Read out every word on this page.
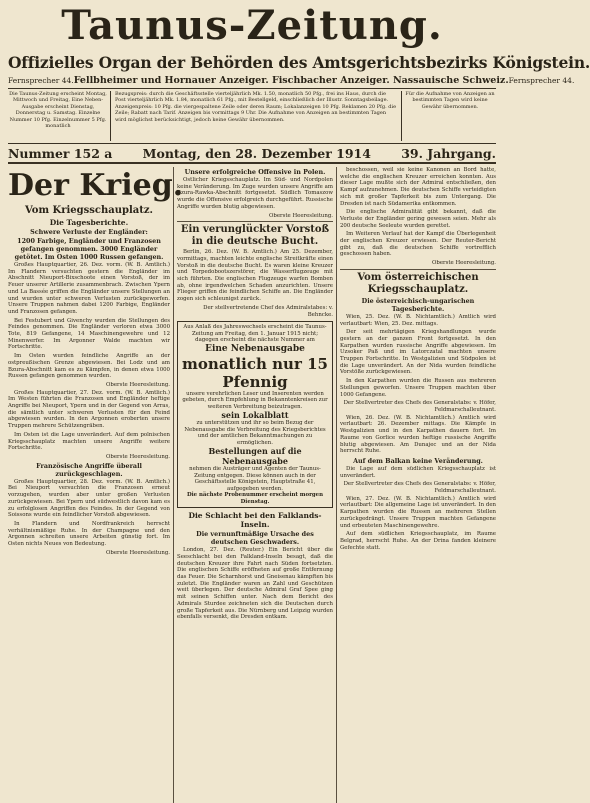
Taunus-Zeitung.
Offizielles Organ der Behörden des Amtsgerichtsbezirks Königstein.
Fernsprecher 44. Fellbheimer und Hornauer Anzeiger. Fischbacher Anzeiger. Nassauische Schweiz. Fernsprecher 44.
Die Taunus-Zeitung erscheint Montag, Mittwoch und Freitag, Eine Neben-Ausgabe erscheint Dienstag, Donnerstag u. Samstag. Einzelne Nummer 10 Pfg. Einzelnummer 5 Pfg. monatlich
Bezugspreis: durch die Geschäftsstelle vierteljährlich Mk. 1.50, monatlich 50 Pfg., frei ins Haus, durch die Post vierteljährlich Mk. 1.84, monatlich 61 Pfg., mit Bestellgeld, einschließlich der Illustr. Sonntagsbeilage. Anzeigenpreis: 10 Pfg. die viergespaltene Zeile oder deren Raum; Lokalanzeigen 10 Pfg. Reklamen 20 Pfg. die Zeile; Rabatt nach Tarif. Anzeigen bis vormittags 9 Uhr. Die Aufnahme von Anzeigen an bestimmten Tagen wird möglichst berücksichtigt, jedoch keine Gewähr übernommen.
Für die Aufnahme von Anzeigen an bestimmten Tagen wird keine Gewähr übernommen.
Nummer 152 a Montag, den 28. Dezember 1914 39. Jahrgang.
Der Krieg.
Vom Kriegsschauplatz.
Die Tagesberichte.
Schwere Verluste der Engländer:
1200 Farbige, Engländer und Franzosen gefangen genommen. 3000 Engländer getötet. Im Osten 1000 Russen gefangen.

Großes Hauptquartier, 26. Dez. vorm. (W. B. Amtlich.) Im Flandern versuchten gestern die Engländer im Abschnitt Nieuport-Bixschoote einen Vorstoß, der im Feuer unserer Artillerie zusammenbrach. Zwischen Ypern und La Bassée griffen die Engländer unsere Stellungen an und wurden unter schweren Verlusten zurückgeworfen. Unsere Truppen nahmen dabei 1200 Farbige, Engländer und Franzosen gefangen.

Bei Festubert und Givenchy wurden die Stellungen des Feindes genommen. Die Engländer verloren etwa 3000 Tote, 819 Gefangene, 14 Maschinengewehre und 12 Minenwerfer. Im Argonner Walde machten wir Fortschritte.

Im Osten wurden feindliche Angriffe an der ostpreußischen Grenze abgewiesen. Bei Lodz und am Bzura-Abschnitt kam es zu Kämpfen, in denen etwa 1000 Russen gefangen genommen wurden.

Oberste Heeresleitung.

Großes Hauptquartier, 27. Dez. vorm. (W. B. Amtlich.) Im Westen führten die Franzosen und Engländer heftige Angriffe bei Nieuport, Ypern und in der Gegend von Arras, die sämtlich unter schweren Verlusten für den Feind abgewiesen wurden. In den Argonnen eroberten unsere Truppen mehrere Schützengräben.

Im Osten ist die Lage unverändert. Auf dem polnischen Kriegsschauplatz machten unsere Angriffe weitere Fortschritte.

Oberste Heeresleitung.
Französische Angriffe überall zurückgeschlagen.

Großes Hauptquartier, 28. Dez. vorm. (W. B. Amtlich.) Bei Nieuport versuchten die Franzosen erneut vorzugehen, wurden aber unter großen Verlusten zurückgewiesen. Bei Ypern und südwestlich davon kam es zu erfolglosen Angriffen des Feindes. In der Gegend von Soissons wurde ein feindlicher Vorstoß abgewiesen.

In Flandern und Nordfrankreich herrscht verhältnismäßige Ruhe. In der Champagne und den Argonnen schreiten unsere Arbeiten günstig fort. Im Osten nichts Neues von Bedeutung.

Oberste Heeresleitung.
Unsere erfolgreiche Offensive in Polen.

Ostlicher Kriegsschauplatz. Im Süd- und Nordpolen keine Veränderung. Im Zuge wurden unsere Angriffe am Bzura-Rawka-Abschnitt fortgesetzt. Südlich Tomaszow wurde die Offensive erfolgreich durchgeführt. Russische Angriffe wurden blutig abgewiesen.

Oberste Heeresleitung.
Ein verunglückter Vorstoß in die deutsche Bucht.

Berlin, 26. Dez. (W. B. Amtlich.) Am 25. Dezember, vormittags, machten leichte englische Streitkräfte einen Vorstoß in die deutsche Bucht. Es waren kleine Kreuzer und Torpedobootszerstörer, die Wasserflugzeuge mit sich führten. Die englischen Flugzeuge warfen Bomben ab, ohne irgendwelchen Schaden anzurichten. Unsere Flieger griffen die feindlichen Schiffe an. Die Engländer zogen sich schleunigst zurück.

Der stellvertretende Chef des Admiralstabes: v. Behncke.
Aus Anlaß des Jahreswechsels erscheint die Taunus-Zeitung am Freitag, den 1. Januar 1915 nicht; dagegen erscheint die nächste Nummer am
Eine Nebenausgabe
monatlich nur 15 Pfennig
unsere verehrlichen Leser und Inserenten werden gebeten, durch Empfehlung in Bekanntenkreisen zur weiteren Verbreitung beizutragen.
sein Lokalblatt
zu unterstützen und ihr so beim Bezug der Nebenausgabe die Verbreitung des Kriegsberichtes und der amtlichen Bekanntmachungen zu ermöglichen.
Bestellungen auf die Nebenausgabe
nehmen die Austräger und Agenten der Taunus-Zeitung entgegen. Diese können auch in der Geschäftsstelle Königstein, Hauptstraße 41, aufgegeben werden.
Die nächste Probenummer erscheint morgen Dienstag.
Die Schlacht bei den Falklands-Inseln.
Die vernunftmäßige Ursache des deutschen Geschwaders.

London, 27. Dez. (Reuter.) Ein Bericht über die Seeschlacht bei den Falkland-Inseln besagt, daß die deutschen Kreuzer ihre Fahrt nach Süden fortsetzten. Die englischen Schiffe eröffneten auf große Entfernung das Feuer. Die Scharnhorst und Gneisenau kämpften bis zuletzt. Die Engländer waren an Zahl und Geschützen weit überlegen. Der deutsche Admiral Graf Spee ging mit seinen Schiffen unter. Nach dem Bericht des Admirals Sturdee zeichneten sich die Deutschen durch große Tapferkeit aus. Die Nürnberg und Leipzig wurden ebenfalls versenkt, die Dresden entkam.

beschossen, weil sie keine Kanonen an Bord hatte, welche die englischen Kreuzer erreichen konnten. Aus dieser Lage mußte sich der Admiral entschließen, den Kampf aufzunehmen. Die deutschen Schiffe verteidigten sich mit großer Tapferkeit bis zum Untergang. Die Dresden ist nach Südamerika entkommen.

Die englische Admiralität gibt bekannt, daß die Verluste der Engländer gering gewesen seien. Mehr als 200 deutsche Seeleute wurden gerettet.

Im Weiteren Verlauf hat der Kampf die Überlegenheit der englischen Kreuzer erwiesen. Der Reuter-Bericht gibt zu, daß die deutschen Schiffe vortrefflich geschossen haben.

Oberste Heeresleitung.
Vom österreichischen Kriegsschauplatz.
Die österreichisch-ungarischen Tagesberichte.

Wien, 25. Dez. (W. B. Nichtamtlich.) Amtlich wird verlautbart: Wien, 25. Dez. mittags.

Der seit mehrtägigen Kriegshandlungen wurde gestern an der ganzen Front fortgesetzt. In den Karpathen wurden russische Angriffe abgewiesen. Im Uzsoker Paß und im Latorczatal machten unsere Truppen Fortschritte. In Westgalizien und Südpolen ist die Lage unverändert. An der Nida wurden feindliche Vorstöße zurückgewiesen.

In den Karpathen wurden die Russen aus mehreren Stellungen geworfen. Unsere Truppen machten über 1000 Gefangene.

Der Stellvertreter des Chefs des Generalstabs: v. Höfer, Feldmarschalleutnant.

Wien, 26. Dez. (W. B. Nichtamtlich.) Amtlich wird verlautbart: 26. Dezember mittags. Die Kämpfe in Westgalizien und in den Karpathen dauern fort. Im Raume von Gorlice wurden heftige russische Angriffe blutig abgewiesen. Am Dunajec und an der Nida herrscht Ruhe.

Auf dem Balkan keine Veränderung.

Die Lage auf dem südlichen Kriegsschauplatz ist unverändert.

Der Stellvertreter des Chefs des Generalstabs: v. Höfer, Feldmarschalleutnant.

Wien, 27. Dez. (W. B. Nichtamtlich.) Amtlich wird verlautbart: Die allgemeine Lage ist unverändert. In den Karpathen wurden die Russen an mehreren Stellen zurückgedrängt. Unsere Truppen machten Gefangene und erbeuteten Maschinengewehre.

Auf dem südlichen Kriegsschauplatz, im Raume Belgrad, herrscht Ruhe. An der Drina fanden kleinere Gefechte statt.
